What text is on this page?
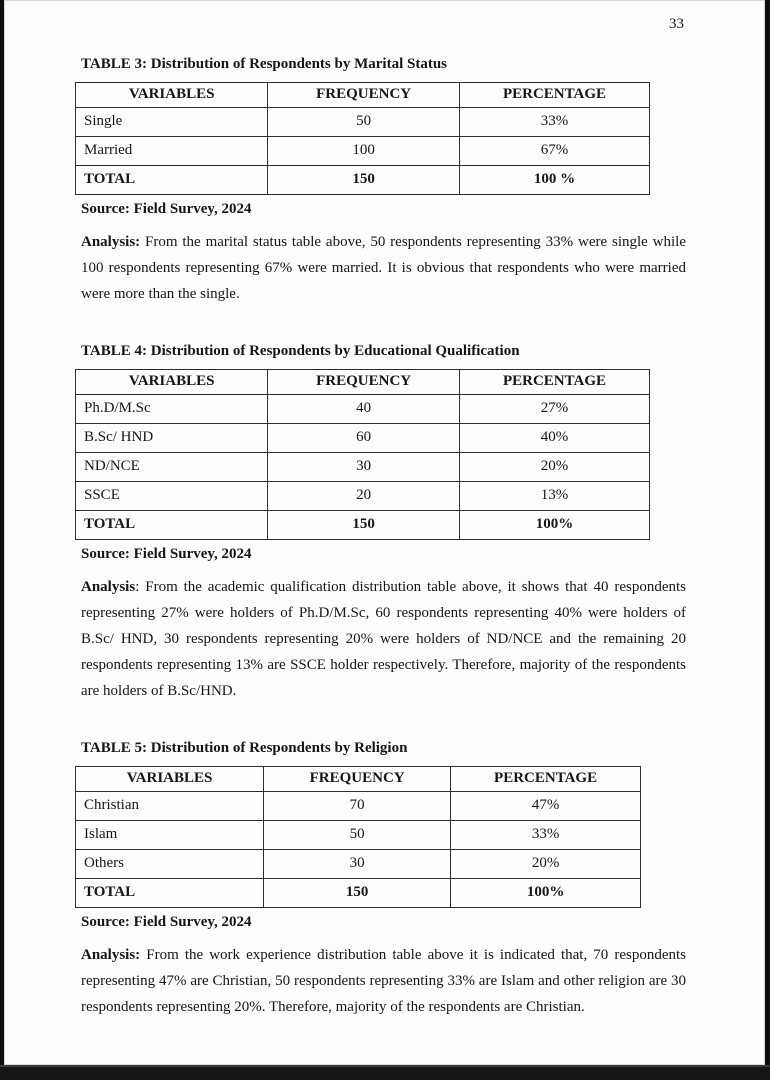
33
TABLE 3: Distribution of Respondents by Marital Status
VARIABLES	FREQUENCY	PERCENTAGE
Single	50	33%
Married	100	67%
TOTAL	150	100 %

Source: Field Survey, 2024

Analysis: From the marital status table above, 50 respondents representing 33% were single while 100 respondents representing 67% were married. It is obvious that respondents who were married were more than the single.

TABLE 4: Distribution of Respondents by Educational Qualification
VARIABLES	FREQUENCY	PERCENTAGE
Ph.D/M.Sc	40	27%
B.Sc/ HND	60	40%
ND/NCE	30	20%
SSCE	20	13%
TOTAL	150	100%

Source: Field Survey, 2024

Analysis: From the academic qualification distribution table above, it shows that 40 respondents representing 27% were holders of Ph.D/M.Sc, 60 respondents representing 40% were holders of B.Sc/ HND, 30 respondents representing 20% were holders of ND/NCE and the remaining 20 respondents representing 13% are SSCE holder respectively. Therefore, majority of the respondents are holders of B.Sc/HND.

TABLE 5: Distribution of Respondents by Religion
VARIABLES	FREQUENCY	PERCENTAGE
Christian	70	47%
Islam	50	33%
Others	30	20%
TOTAL	150	100%

Source: Field Survey, 2024

Analysis: From the work experience distribution table above it is indicated that, 70 respondents representing 47% are Christian, 50 respondents representing 33% are Islam and other religion are 30 respondents representing 20%. Therefore, majority of the respondents are Christian.
